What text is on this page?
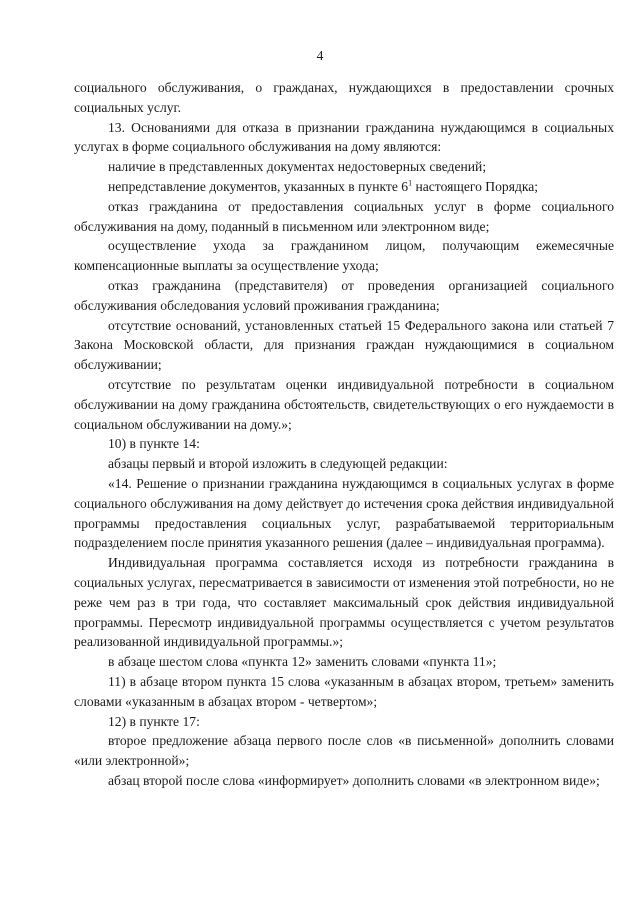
4

социального обслуживания, о гражданах, нуждающихся в предоставлении срочных социальных услуг.

13. Основаниями для отказа в признании гражданина нуждающимся в социальных услугах в форме социального обслуживания на дому являются:

наличие в представленных документах недостоверных сведений;

непредставление документов, указанных в пункте $6^1$ настоящего Порядка;

отказ гражданина от предоставления социальных услуг в форме социального обслуживания на дому, поданный в письменном или электронном виде;

осуществление ухода за гражданином лицом, получающим ежемесячные компенсационные выплаты за осуществление ухода;

отказ гражданина (представителя) от проведения организацией социального обслуживания обследования условий проживания гражданина;

отсутствие оснований, установленных статьей 15 Федерального закона или статьей 7 Закона Московской области, для признания граждан нуждающимися в социальном обслуживании;

отсутствие по результатам оценки индивидуальной потребности в социальном обслуживании на дому гражданина обстоятельств, свидетельствующих о его нуждаемости в социальном обслуживании на дому.»;

10) в пункте 14:

абзацы первый и второй изложить в следующей редакции:

«14. Решение о признании гражданина нуждающимся в социальных услугах в форме социального обслуживания на дому действует до истечения срока действия индивидуальной программы предоставления социальных услуг, разрабатываемой территориальным подразделением после принятия указанного решения (далее – индивидуальная программа).

Индивидуальная программа составляется исходя из потребности гражданина в социальных услугах, пересматривается в зависимости от изменения этой потребности, но не реже чем раз в три года, что составляет максимальный срок действия индивидуальной программы. Пересмотр индивидуальной программы осуществляется с учетом результатов реализованной индивидуальной программы.»;

в абзаце шестом слова «пункта 12» заменить словами «пункта 11»;

11) в абзаце втором пункта 15 слова «указанным в абзацах втором, третьем» заменить словами «указанным в абзацах втором - четвертом»;

12) в пункте 17:

второе предложение абзаца первого после слов «в письменной» дополнить словами «или электронной»;

абзац второй после слова «информирует» дополнить словами «в электронном виде»;
